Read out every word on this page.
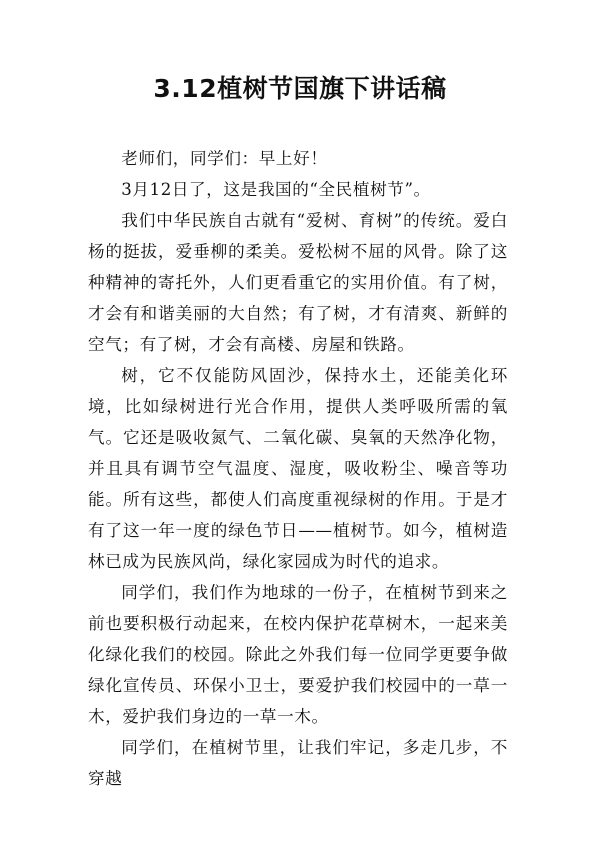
3.12植树节国旗下讲话稿

老师们，同学们：早上好！

3月12日了，这是我国的“全民植树节”。

我们中华民族自古就有“爱树、育树”的传统。爱白杨的挺拔，爱垂柳的柔美。爱松树不屈的风骨。除了这种精神的寄托外，人们更看重它的实用价值。有了树，才会有和谐美丽的大自然；有了树，才有清爽、新鲜的空气；有了树，才会有高楼、房屋和铁路。

树，它不仅能防风固沙，保持水土，还能美化环境，比如绿树进行光合作用，提供人类呼吸所需的氧气。它还是吸收氮气、二氧化碳、臭氧的天然净化物，并且具有调节空气温度、湿度，吸收粉尘、噪音等功能。所有这些，都使人们高度重视绿树的作用。于是才有了这一年一度的绿色节日——植树节。如今，植树造林已成为民族风尚，绿化家园成为时代的追求。

同学们，我们作为地球的一份子，在植树节到来之前也要积极行动起来，在校内保护花草树木，一起来美化绿化我们的校园。除此之外我们每一位同学更要争做绿化宣传员、环保小卫士，要爱护我们校园中的一草一木，爱护我们身边的一草一木。

同学们，在植树节里，让我们牢记，多走几步，不穿越
